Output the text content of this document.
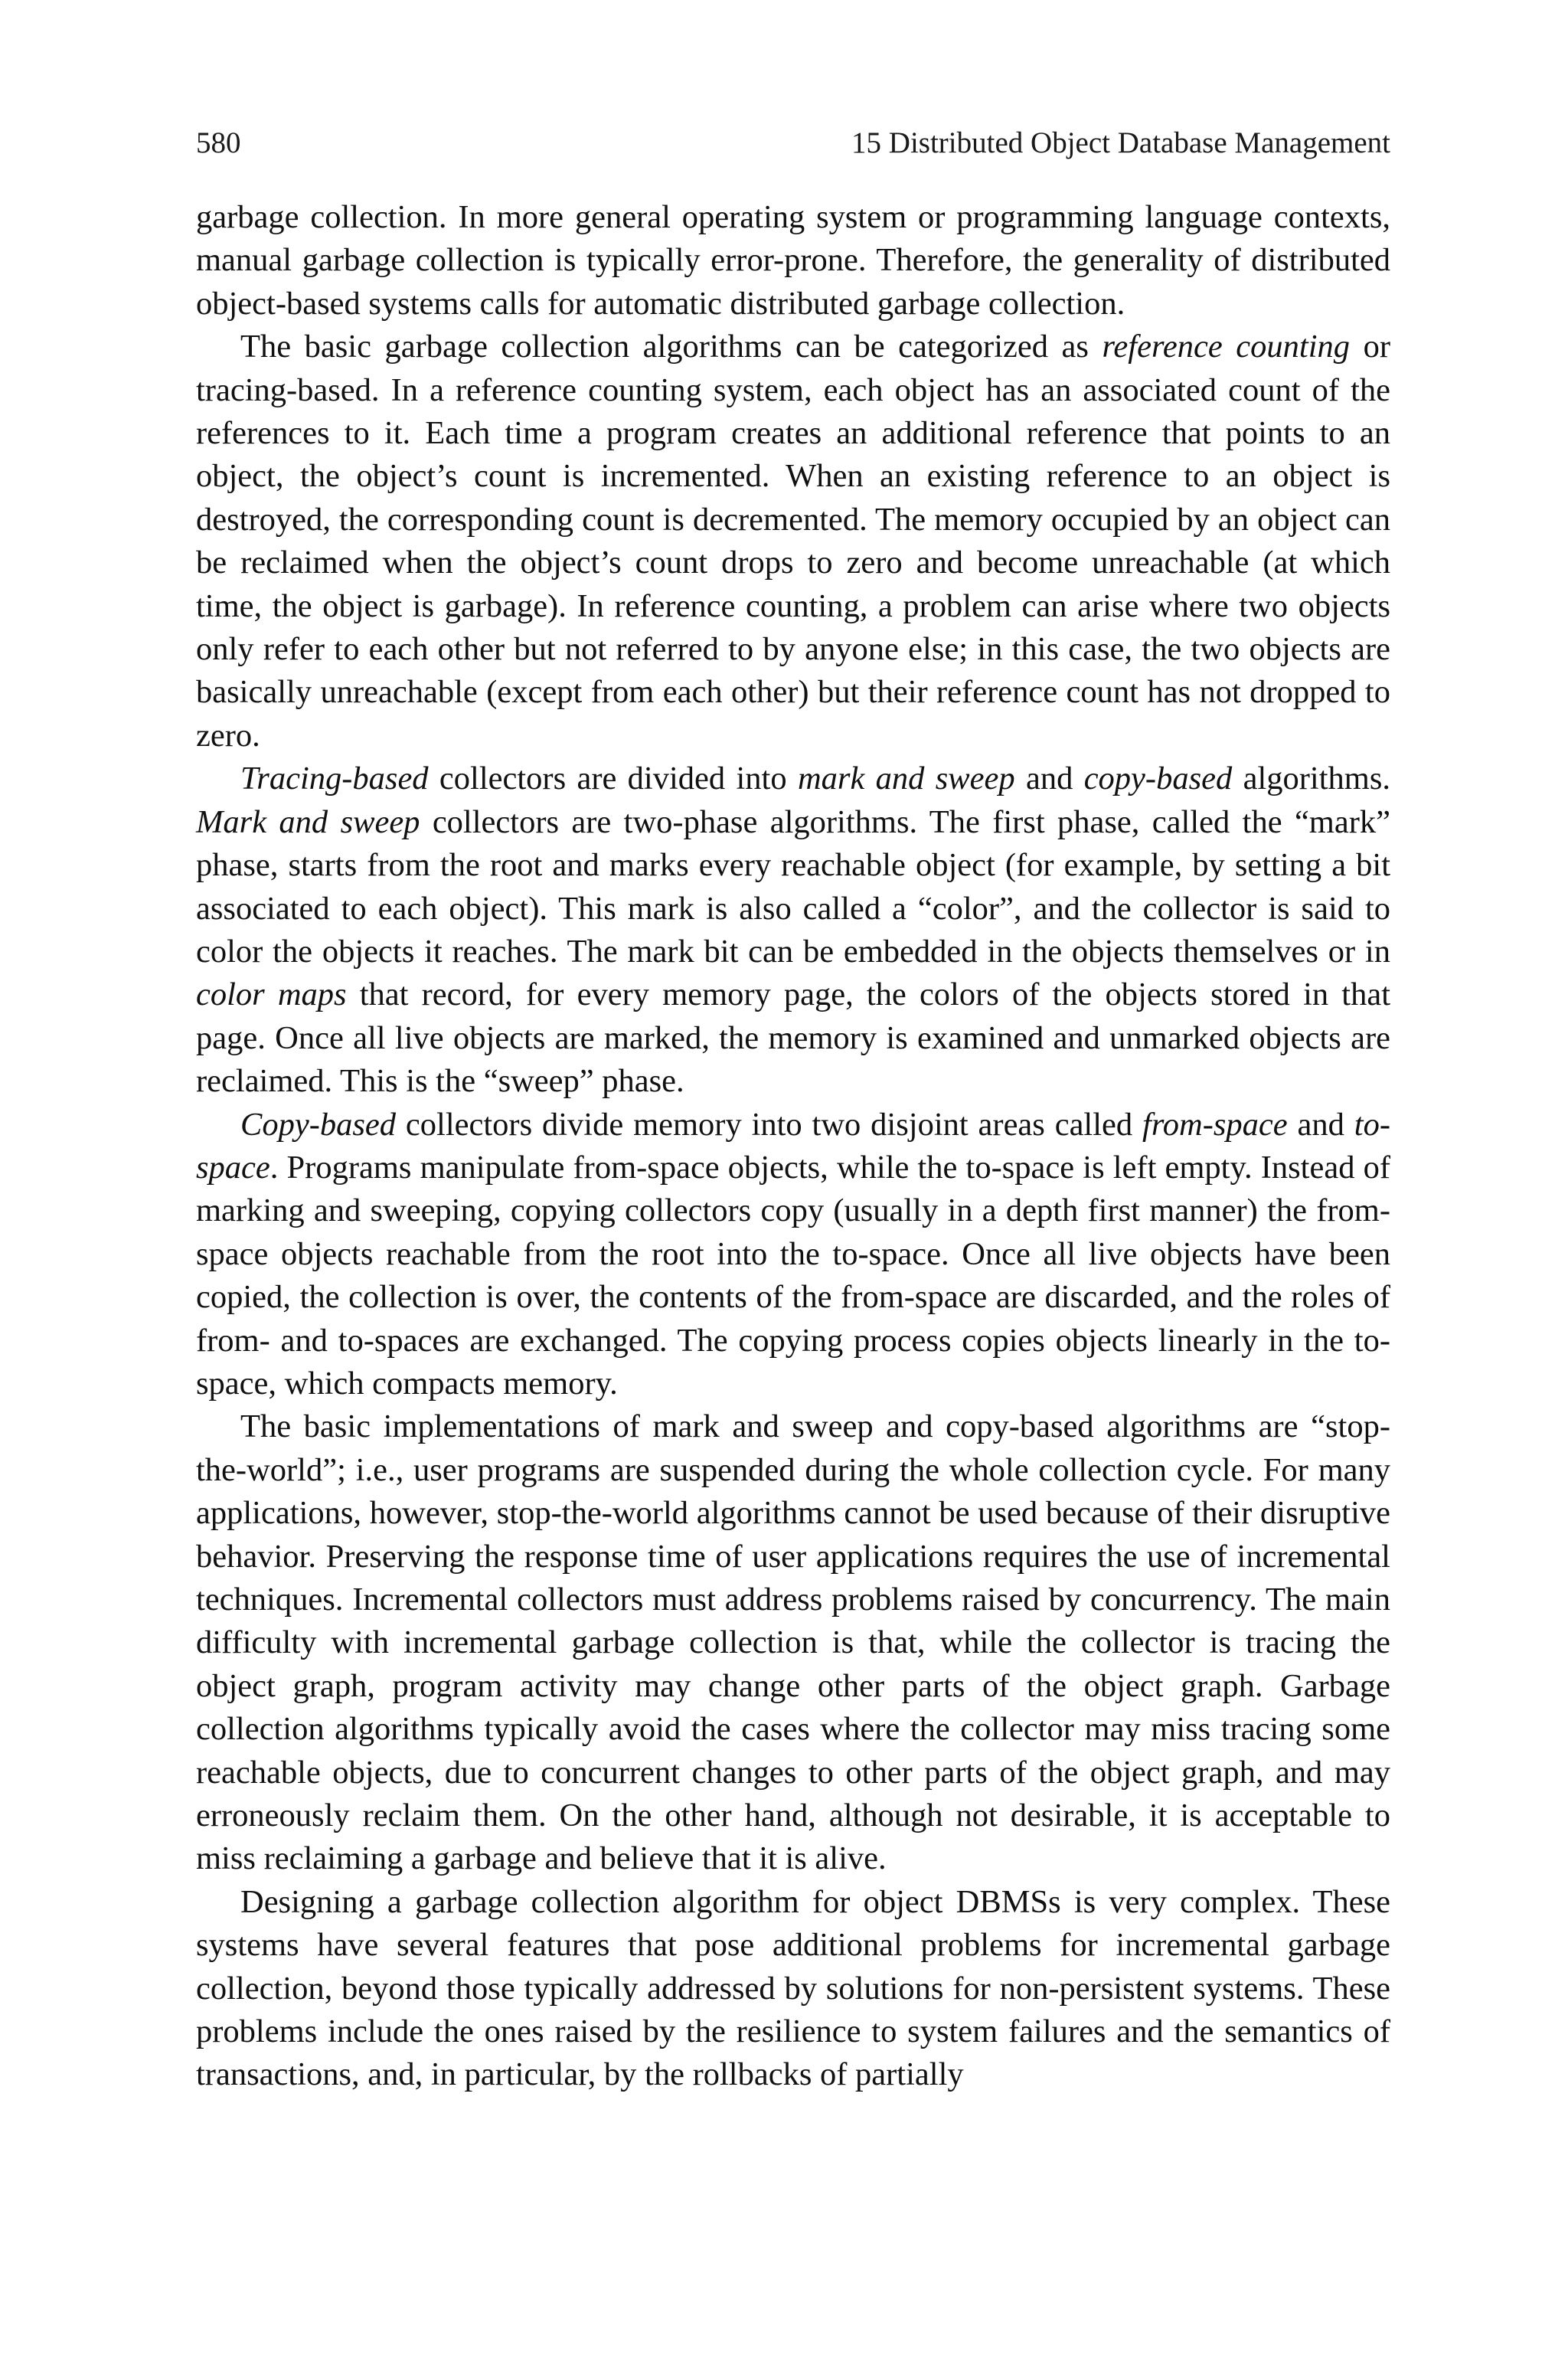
580	15 Distributed Object Database Management

garbage collection. In more general operating system or programming language contexts, manual garbage collection is typically error-prone. Therefore, the generality of distributed object-based systems calls for automatic distributed garbage collection.

The basic garbage collection algorithms can be categorized as reference counting or tracing-based. In a reference counting system, each object has an associated count of the references to it. Each time a program creates an additional reference that points to an object, the object’s count is incremented. When an existing reference to an object is destroyed, the corresponding count is decremented. The memory occupied by an object can be reclaimed when the object’s count drops to zero and become unreachable (at which time, the object is garbage). In reference counting, a problem can arise where two objects only refer to each other but not referred to by anyone else; in this case, the two objects are basically unreachable (except from each other) but their reference count has not dropped to zero.

Tracing-based collectors are divided into mark and sweep and copy-based algorithms. Mark and sweep collectors are two-phase algorithms. The first phase, called the “mark” phase, starts from the root and marks every reachable object (for example, by setting a bit associated to each object). This mark is also called a “color”, and the collector is said to color the objects it reaches. The mark bit can be embedded in the objects themselves or in color maps that record, for every memory page, the colors of the objects stored in that page. Once all live objects are marked, the memory is examined and unmarked objects are reclaimed. This is the “sweep” phase.

Copy-based collectors divide memory into two disjoint areas called from-space and to-space. Programs manipulate from-space objects, while the to-space is left empty. Instead of marking and sweeping, copying collectors copy (usually in a depth first manner) the from-space objects reachable from the root into the to-space. Once all live objects have been copied, the collection is over, the contents of the from-space are discarded, and the roles of from- and to-spaces are exchanged. The copying process copies objects linearly in the to-space, which compacts memory.

The basic implementations of mark and sweep and copy-based algorithms are “stop-the-world”; i.e., user programs are suspended during the whole collection cycle. For many applications, however, stop-the-world algorithms cannot be used because of their disruptive behavior. Preserving the response time of user applications requires the use of incremental techniques. Incremental collectors must address problems raised by concurrency. The main difficulty with incremental garbage collection is that, while the collector is tracing the object graph, program activity may change other parts of the object graph. Garbage collection algorithms typically avoid the cases where the collector may miss tracing some reachable objects, due to concurrent changes to other parts of the object graph, and may erroneously reclaim them. On the other hand, although not desirable, it is acceptable to miss reclaiming a garbage and believe that it is alive.

Designing a garbage collection algorithm for object DBMSs is very complex. These systems have several features that pose additional problems for incremental garbage collection, beyond those typically addressed by solutions for non-persistent systems. These problems include the ones raised by the resilience to system failures and the semantics of transactions, and, in particular, by the rollbacks of partially
